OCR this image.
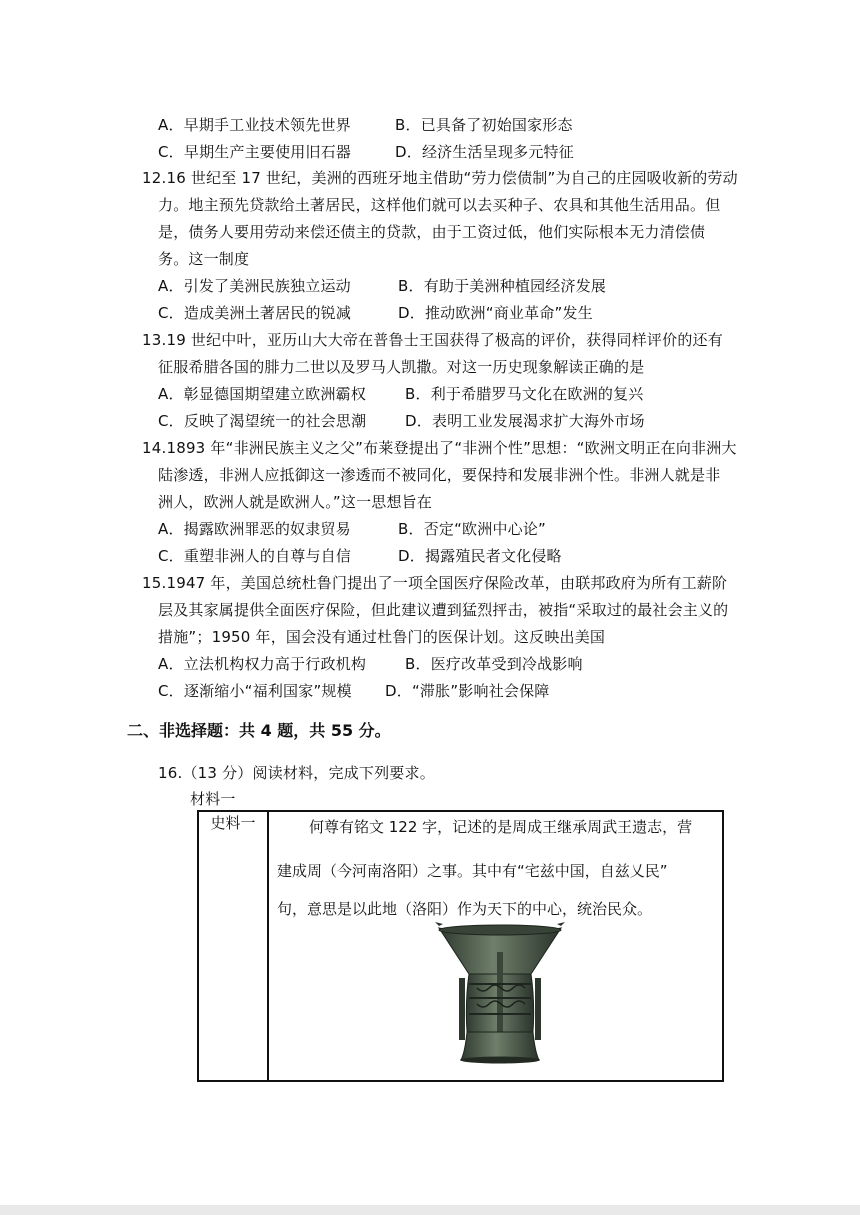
A．早期手工业技术领先世界	B．已具备了初始国家形态
C．早期生产主要使用旧石器	D．经济生活呈现多元特征
12.16 世纪至 17 世纪，美洲的西班牙地主借助“劳力偿债制”为自己的庄园吸收新的劳动
力。地主预先贷款给土著居民，这样他们就可以去买种子、农具和其他生活用品。但
是，债务人要用劳动来偿还债主的贷款，由于工资过低，他们实际根本无力清偿债
务。这一制度
A．引发了美洲民族独立运动	B．有助于美洲种植园经济发展
C．造成美洲土著居民的锐减	D．推动欧洲“商业革命”发生
13.19 世纪中叶，亚历山大大帝在普鲁士王国获得了极高的评价，获得同样评价的还有
征服希腊各国的腓力二世以及罗马人凯撒。对这一历史现象解读正确的是
A．彰显德国期望建立欧洲霸权	B．利于希腊罗马文化在欧洲的复兴
C．反映了渴望统一的社会思潮	D．表明工业发展渴求扩大海外市场
14.1893 年“非洲民族主义之父”布莱登提出了“非洲个性”思想：“欧洲文明正在向非洲大
陆渗透，非洲人应抵御这一渗透而不被同化，要保持和发展非洲个性。非洲人就是非
洲人，欧洲人就是欧洲人。”这一思想旨在
A．揭露欧洲罪恶的奴隶贸易	B．否定“欧洲中心论”
C．重塑非洲人的自尊与自信	D．揭露殖民者文化侵略
15.1947 年，美国总统杜鲁门提出了一项全国医疗保险改革，由联邦政府为所有工薪阶
层及其家属提供全面医疗保险，但此建议遭到猛烈抨击，被指“采取过的最社会主义的
措施”；1950 年，国会没有通过杜鲁门的医保计划。这反映出美国
A．立法机构权力高于行政机构	B．医疗改革受到冷战影响
C．逐渐缩小“福利国家”规模 D．“滞胀”影响社会保障
二、非选择题：共 4 题，共 55 分。
16.（13 分）阅读材料，完成下列要求。
材料一
史料一	何尊有铭文 122 字，记述的是周成王继承周武王遗志，营
建成周（今河南洛阳）之事。其中有“宅兹中国，自兹乂民”
句，意思是以此地（洛阳）作为天下的中心，统治民众。
